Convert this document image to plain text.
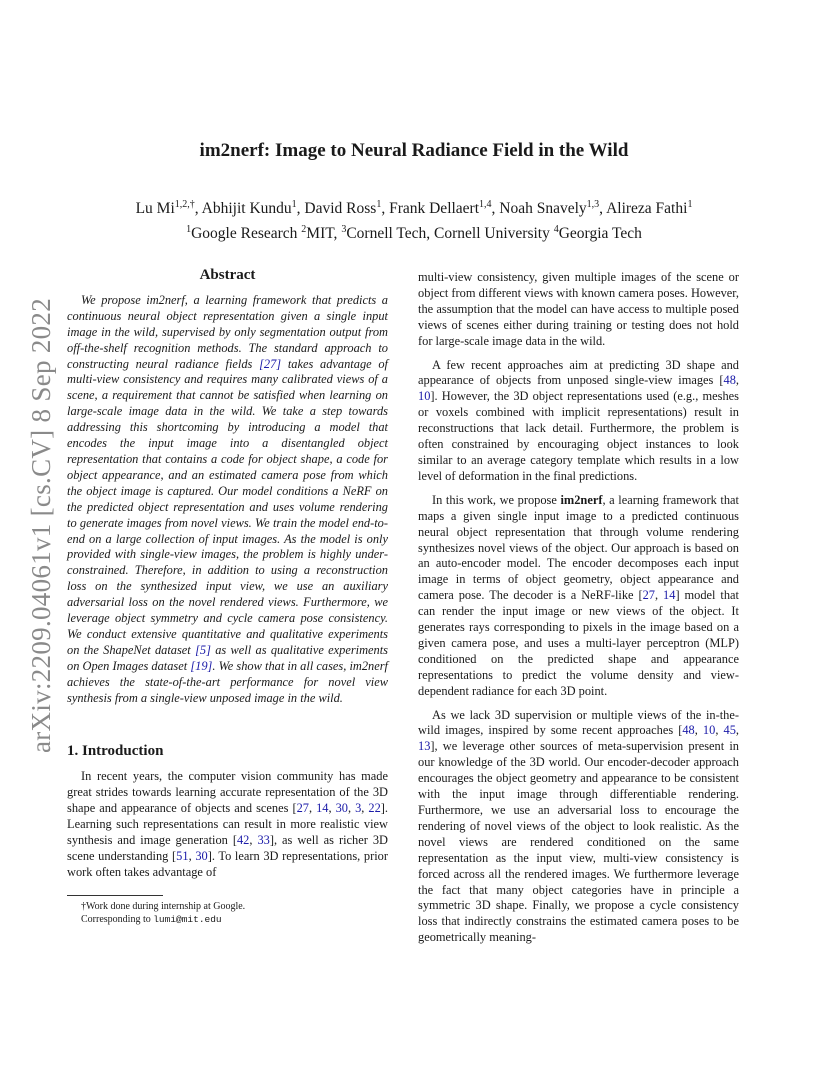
arXiv:2209.04061v1 [cs.CV] 8 Sep 2022
im2nerf: Image to Neural Radiance Field in the Wild
Lu $Mi^{1,2,\dagger}$, Abhijit Kundu$^1$, David Ross$^1$, Frank Dellaert$^{1,4}$, Noah Snavely$^{1,3}$, Alireza Fathi$^1$
$^1$Google Research $^2$MIT, $^3$Cornell Tech, Cornell University $^4$Georgia Tech
Abstract

We propose im2nerf, a learning framework that predicts a continuous neural object representation given a single input image in the wild, supervised by only segmentation output from off-the-shelf recognition methods. The standard approach to constructing neural radiance fields [27] takes advantage of multi-view consistency and requires many calibrated views of a scene, a requirement that cannot be satisfied when learning on large-scale image data in the wild. We take a step towards addressing this shortcoming by introducing a model that encodes the input image into a disentangled object representation that contains a code for object shape, a code for object appearance, and an estimated camera pose from which the object image is captured. Our model conditions a NeRF on the predicted object representation and uses volume rendering to generate images from novel views. We train the model end-to-end on a large collection of input images. As the model is only provided with single-view images, the problem is highly under-constrained. Therefore, in addition to using a reconstruction loss on the synthesized input view, we use an auxiliary adversarial loss on the novel rendered views. Furthermore, we leverage object symmetry and cycle camera pose consistency. We conduct extensive quantitative and qualitative experiments on the ShapeNet dataset [5] as well as qualitative experiments on Open Images dataset [19]. We show that in all cases, im2nerf achieves the state-of-the-art performance for novel view synthesis from a single-view unposed image in the wild.

1. Introduction

In recent years, the computer vision community has made great strides towards learning accurate representation of the 3D shape and appearance of objects and scenes [27, 14, 30, 3, 22]. Learning such representations can result in more realistic view synthesis and image generation [42, 33], as well as richer 3D scene understanding [51, 30]. To learn 3D representations, prior work often takes advantage of

†Work done during internship at Google.

Corresponding to lumi@mit.edu

multi-view consistency, given multiple images of the scene or object from different views with known camera poses. However, the assumption that the model can have access to multiple posed views of scenes either during training or testing does not hold for large-scale image data in the wild.

A few recent approaches aim at predicting 3D shape and appearance of objects from unposed single-view images [48, 10]. However, the 3D object representations used (e.g., meshes or voxels combined with implicit representations) result in reconstructions that lack detail. Furthermore, the problem is often constrained by encouraging object instances to look similar to an average category template which results in a low level of deformation in the final predictions.

In this work, we propose im2nerf, a learning framework that maps a given single input image to a predicted continuous neural object representation that through volume rendering synthesizes novel views of the object. Our approach is based on an auto-encoder model. The encoder decomposes each input image in terms of object geometry, object appearance and camera pose. The decoder is a NeRF-like [27, 14] model that can render the input image or new views of the object. It generates rays corresponding to pixels in the image based on a given camera pose, and uses a multi-layer perceptron (MLP) conditioned on the predicted shape and appearance representations to predict the volume density and view-dependent radiance for each 3D point.

As we lack 3D supervision or multiple views of the in-the-wild images, inspired by some recent approaches [48, 10, 45, 13], we leverage other sources of meta-supervision present in our knowledge of the 3D world. Our encoder-decoder approach encourages the object geometry and appearance to be consistent with the input image through differentiable rendering. Furthermore, we use an adversarial loss to encourage the rendering of novel views of the object to look realistic. As the novel views are rendered conditioned on the same representation as the input view, multi-view consistency is forced across all the rendered images. We furthermore leverage the fact that many object categories have in principle a symmetric 3D shape. Finally, we propose a cycle consistency loss that indirectly constrains the estimated camera poses to be geometrically meaning-
